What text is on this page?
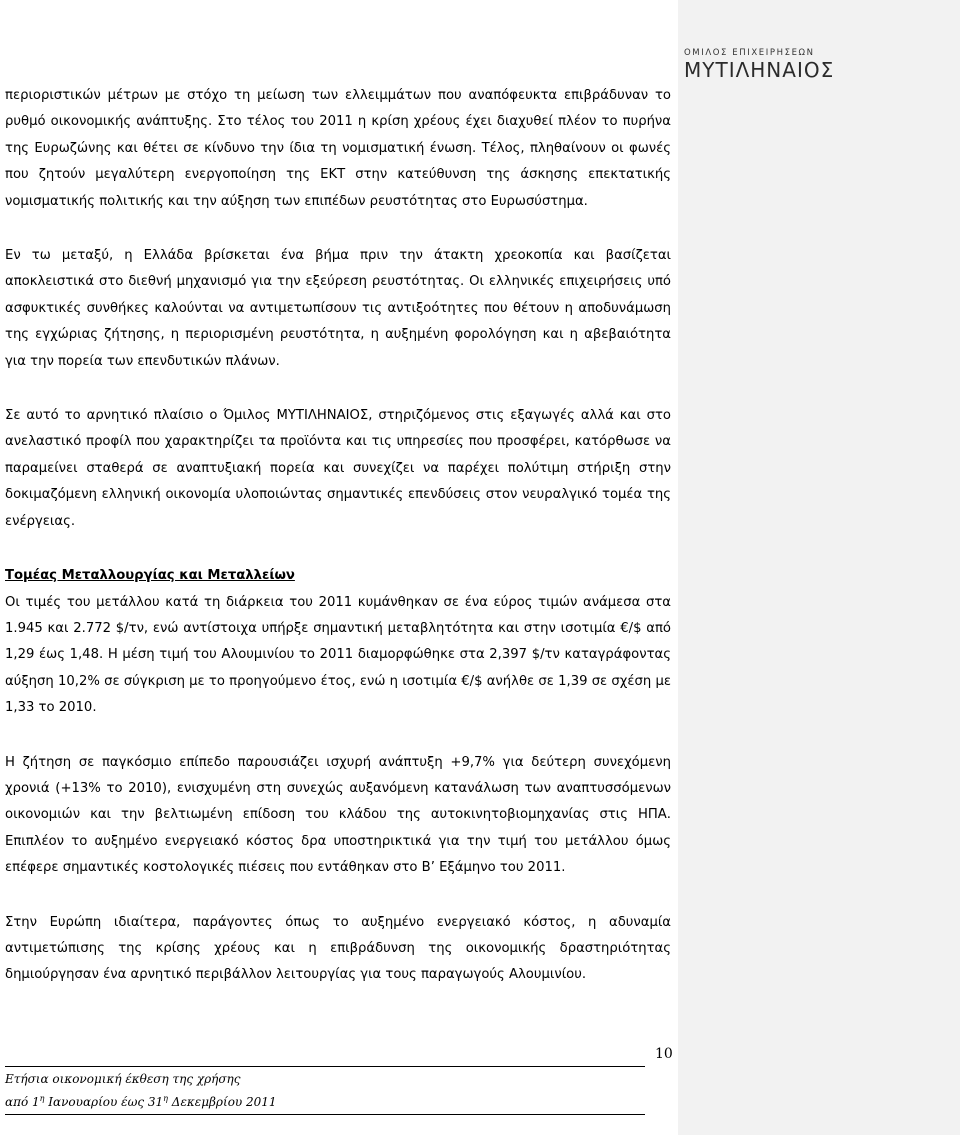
ΟΜΙΛΟΣ ΕΠΙΧΕΙΡΗΣΕΩΝ
ΜΥΤΙΛΗΝΑΙΟΣ

περιοριστικών μέτρων με στόχο τη μείωση των ελλειμμάτων που αναπόφευκτα επιβράδυναν το ρυθμό οικονομικής ανάπτυξης. Στο τέλος του 2011 η κρίση χρέους έχει διαχυθεί πλέον το πυρήνα της Ευρωζώνης και θέτει σε κίνδυνο την ίδια τη νομισματική ένωση. Τέλος, πληθαίνουν οι φωνές που ζητούν μεγαλύτερη ενεργοποίηση της ΕΚΤ στην κατεύθυνση της άσκησης επεκτατικής νομισματικής πολιτικής και την αύξηση των επιπέδων ρευστότητας στο Ευρωσύστημα.

Εν τω μεταξύ, η Ελλάδα βρίσκεται ένα βήμα πριν την άτακτη χρεοκοπία και βασίζεται αποκλειστικά στο διεθνή μηχανισμό για την εξεύρεση ρευστότητας. Οι ελληνικές επιχειρήσεις υπό ασφυκτικές συνθήκες καλούνται να αντιμετωπίσουν τις αντιξοότητες που θέτουν η αποδυνάμωση της εγχώριας ζήτησης, η περιορισμένη ρευστότητα, η αυξημένη φορολόγηση και η αβεβαιότητα για την πορεία των επενδυτικών πλάνων.

Σε αυτό το αρνητικό πλαίσιο ο Όμιλος ΜΥΤΙΛΗΝΑΙΟΣ, στηριζόμενος στις εξαγωγές αλλά και στο ανελαστικό προφίλ που χαρακτηρίζει τα προϊόντα και τις υπηρεσίες που προσφέρει, κατόρθωσε να παραμείνει σταθερά σε αναπτυξιακή πορεία και συνεχίζει να παρέχει πολύτιμη στήριξη στην δοκιμαζόμενη ελληνική οικονομία υλοποιώντας σημαντικές επενδύσεις στον νευραλγικό τομέα της ενέργειας.

Τομέας Μεταλλουργίας και Μεταλλείων

Οι τιμές του μετάλλου κατά τη διάρκεια του 2011 κυμάνθηκαν σε ένα εύρος τιμών ανάμεσα στα 1.945 και 2.772 $/τν, ενώ αντίστοιχα υπήρξε σημαντική μεταβλητότητα και στην ισοτιμία €/$ από 1,29 έως 1,48. Η μέση τιμή του Αλουμινίου το 2011 διαμορφώθηκε στα 2,397 $/τν καταγράφοντας αύξηση 10,2% σε σύγκριση με το προηγούμενο έτος, ενώ η ισοτιμία €/$ ανήλθε σε 1,39 σε σχέση με 1,33 το 2010.

Η ζήτηση σε παγκόσμιο επίπεδο παρουσιάζει ισχυρή ανάπτυξη +9,7% για δεύτερη συνεχόμενη χρονιά (+13% το 2010), ενισχυμένη στη συνεχώς αυξανόμενη κατανάλωση των αναπτυσσόμενων οικονομιών και την βελτιωμένη επίδοση του κλάδου της αυτοκινητοβιομηχανίας στις ΗΠΑ. Επιπλέον το αυξημένο ενεργειακό κόστος δρα υποστηρικτικά για την τιμή του μετάλλου όμως επέφερε σημαντικές κοστολογικές πιέσεις που εντάθηκαν στο Β’ Εξάμηνο του 2011.

Στην Ευρώπη ιδιαίτερα, παράγοντες όπως το αυξημένο ενεργειακό κόστος, η αδυναμία αντιμετώπισης της κρίσης χρέους και η επιβράδυνση της οικονομικής δραστηριότητας δημιούργησαν ένα αρνητικό περιβάλλον λειτουργίας για τους παραγωγούς Αλουμινίου.

10
Ετήσια οικονομική έκθεση της χρήσης
από $1^\eta$ Ιανουαρίου έως $31^\eta$ Δεκεμβρίου 2011
